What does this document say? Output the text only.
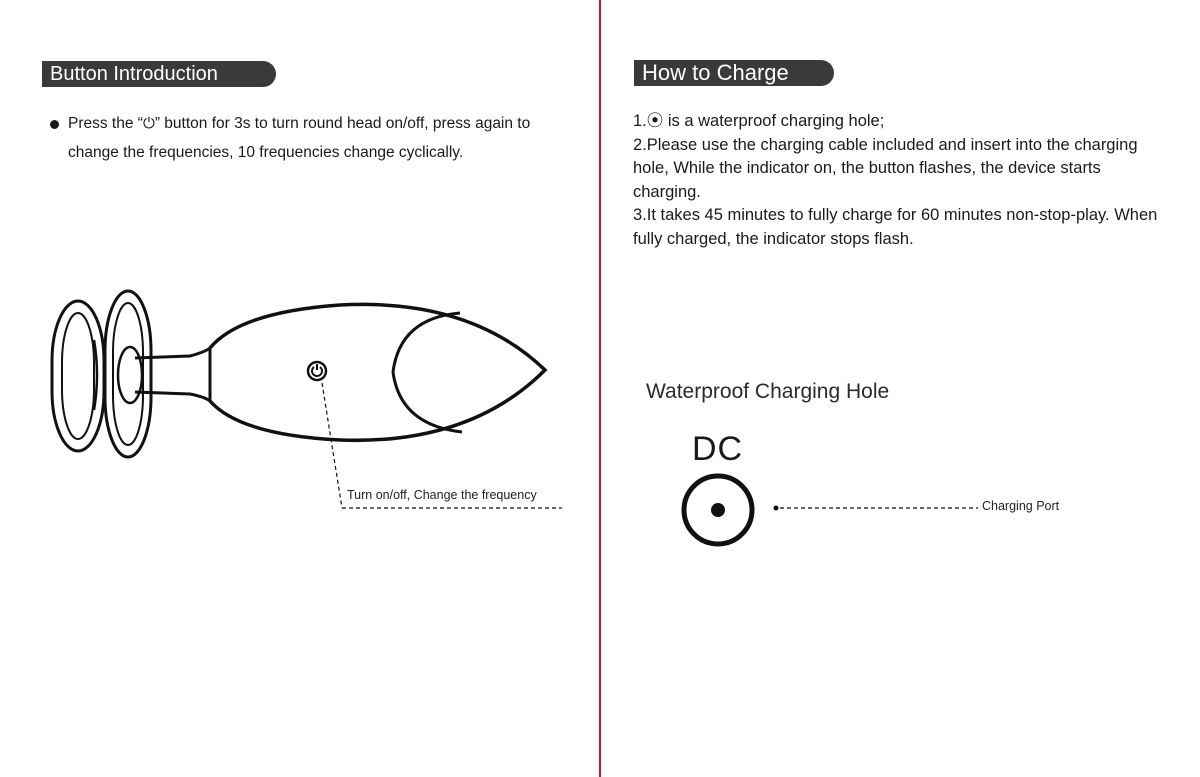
Button Introduction
Press the “⏻” button for 3s to turn round head on/off, press again to change the frequencies, 10 frequencies change cyclically.
Turn on/off, Change the frequency
How to Charge

1.⦿ is a waterproof charging hole;

2.Please use the charging cable included and insert into the charging hole, While the indicator on, the button flashes, the device starts charging.

3.It takes 45 minutes to fully charge for 60 minutes non-stop-play. When fully charged, the indicator stops flash.

Waterproof Charging Hole
DC
Charging Port
